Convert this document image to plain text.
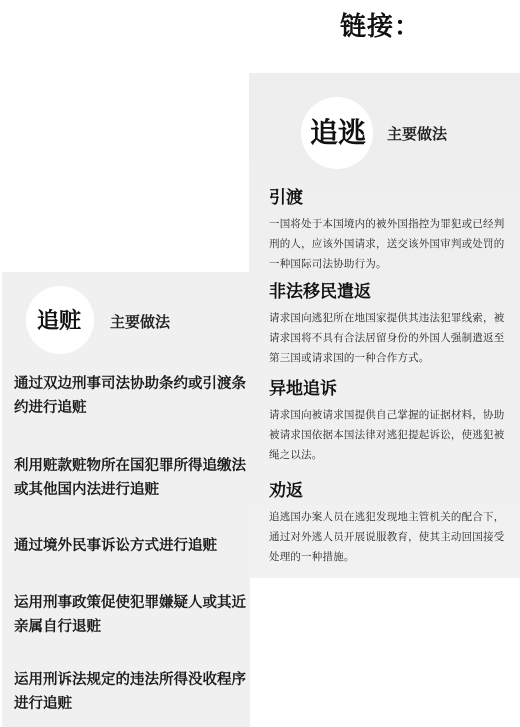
链接：
追逃 主要做法
引渡

一国将处于本国境内的被外国指控为罪犯或已经判刑的人，应该外国请求，送交该外国审判或处罚的一种国际司法协助行为。

非法移民遣返

请求国向逃犯所在地国家提供其违法犯罪线索，被请求国将不具有合法居留身份的外国人强制遣返至第三国或请求国的一种合作方式。

异地追诉

请求国向被请求国提供自己掌握的证据材料，协助被请求国依据本国法律对逃犯提起诉讼，使逃犯被绳之以法。

劝返

追逃国办案人员在逃犯发现地主管机关的配合下，通过对外逃人员开展说服教育，使其主动回国接受处理的一种措施。

追赃 主要做法
通过双边刑事司法协助条约或引渡条约进行追赃
利用赃款赃物所在国犯罪所得追缴法或其他国内法进行追赃
通过境外民事诉讼方式进行追赃
运用刑事政策促使犯罪嫌疑人或其近亲属自行退赃
运用刑诉法规定的违法所得没收程序进行追赃
